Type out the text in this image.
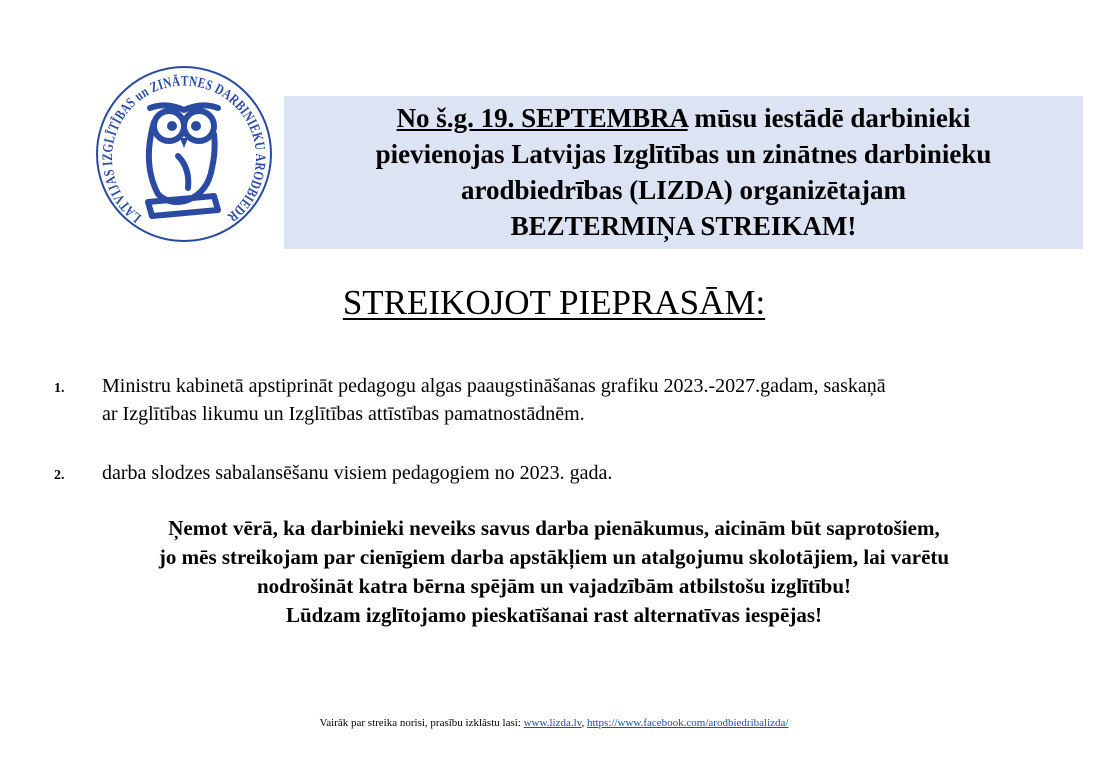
LATVIJAS IZGLĪTĪBAS un ZINĀTNES DARBINIEKU ARODBIEDR
No š.g. 19. SEPTEMBRA mūsu iestādē darbinieki
pievienojas Latvijas Izglītības un zinātnes darbinieku
arodbiedrības (LIZDA) organizētajam
BEZTERMIŅA STREIKAM!
STREIKOJOT PIEPRASĀM:
1. Ministru kabinetā apstiprināt pedagogu algas paaugstināšanas grafiku 2023.-2027.gadam, saskaņā
ar Izglītības likumu un Izglītības attīstības pamatnostādnēm.
2. darba slodzes sabalansēšanu visiem pedagogiem no 2023. gada.
Ņemot vērā, ka darbinieki neveiks savus darba pienākumus, aicinām būt saprotošiem,
jo mēs streikojam par cienīgiem darba apstākļiem un atalgojumu skolotājiem, lai varētu
nodrošināt katra bērna spējām un vajadzībām atbilstošu izglītību!
Lūdzam izglītojamo pieskatīšanai rast alternatīvas iespējas!
Vairāk par streika norisi, prasību izklāstu lasi: www.lizda.lv, https://www.facebook.com/arodbiedribalizda/
